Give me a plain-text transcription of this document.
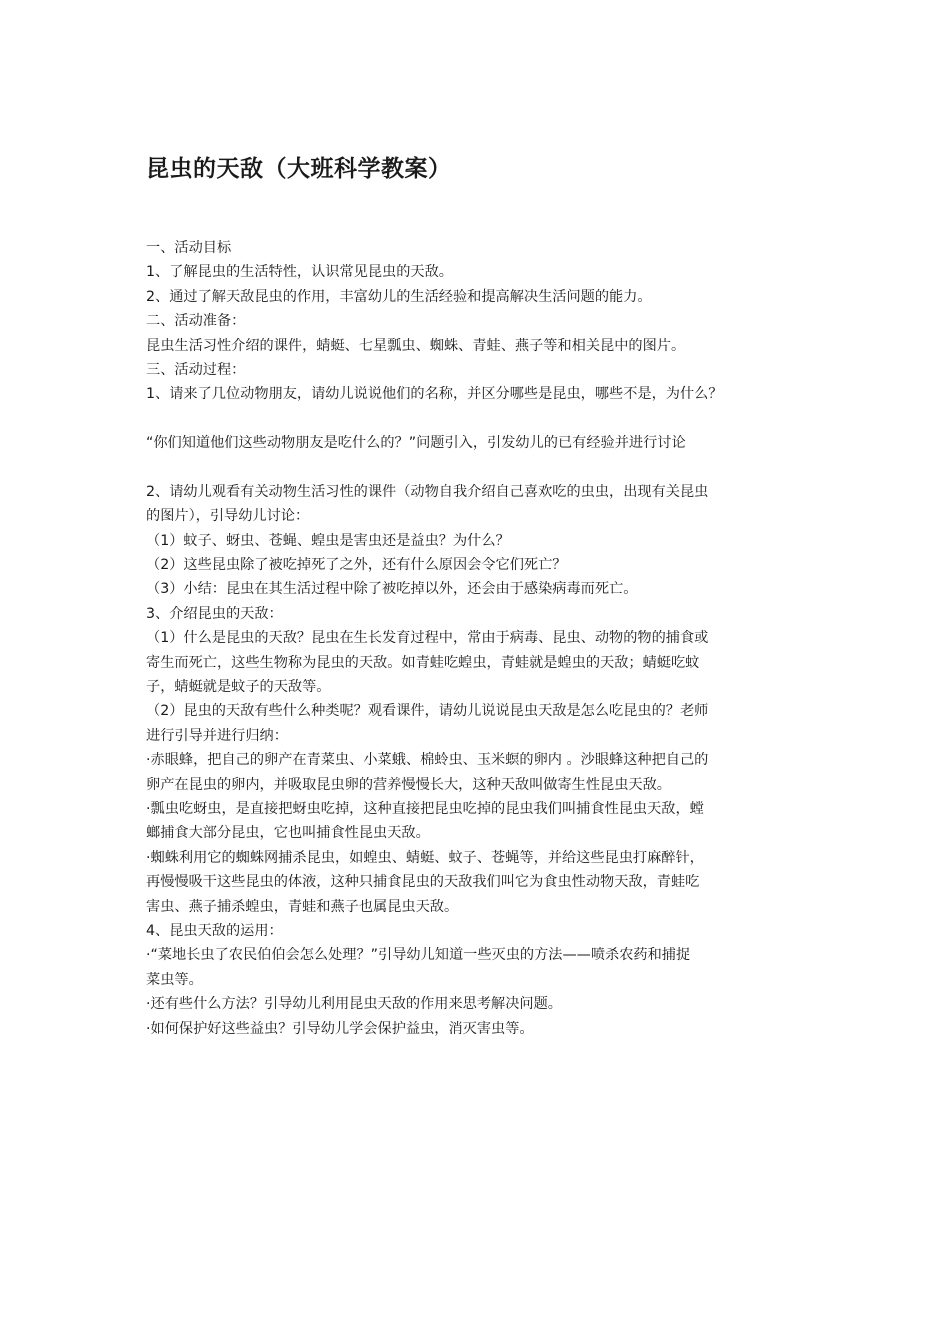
昆虫的天敌（大班科学教案）
一、活动目标
1、了解昆虫的生活特性，认识常见昆虫的天敌。
2、通过了解天敌昆虫的作用，丰富幼儿的生活经验和提高解决生活问题的能力。
二、活动准备：
昆虫生活习性介绍的课件，蜻蜓、七星瓢虫、蜘蛛、青蛙、燕子等和相关昆中的图片。
三、活动过程：
1、请来了几位动物朋友，请幼儿说说他们的名称，并区分哪些是昆虫，哪些不是，为什么？
“你们知道他们这些动物朋友是吃什么的？”问题引入，引发幼儿的已有经验并进行讨论
2、请幼儿观看有关动物生活习性的课件（动物自我介绍自己喜欢吃的虫虫，出现有关昆虫
的图片），引导幼儿讨论：
（1）蚊子、蚜虫、苍蝇、蝗虫是害虫还是益虫？为什么？
（2）这些昆虫除了被吃掉死了之外，还有什么原因会令它们死亡？
（3）小结：昆虫在其生活过程中除了被吃掉以外，还会由于感染病毒而死亡。
3、介绍昆虫的天敌：
（1）什么是昆虫的天敌？昆虫在生长发育过程中，常由于病毒、昆虫、动物的物的捕食或
寄生而死亡，这些生物称为昆虫的天敌。如青蛙吃蝗虫，青蛙就是蝗虫的天敌；蜻蜓吃蚊
子，蜻蜓就是蚊子的天敌等。
（2）昆虫的天敌有些什么种类呢？观看课件，请幼儿说说昆虫天敌是怎么吃昆虫的？老师
进行引导并进行归纳：
·赤眼蜂，把自己的卵产在青菜虫、小菜蛾、棉蛉虫、玉米螟的卵内 。沙眼蜂这种把自己的
卵产在昆虫的卵内，并吸取昆虫卵的营养慢慢长大，这种天敌叫做寄生性昆虫天敌。
·瓢虫吃蚜虫，是直接把蚜虫吃掉，这种直接把昆虫吃掉的昆虫我们叫捕食性昆虫天敌，螳
螂捕食大部分昆虫，它也叫捕食性昆虫天敌。
·蜘蛛利用它的蜘蛛网捕杀昆虫，如蝗虫、蜻蜓、蚊子、苍蝇等，并给这些昆虫打麻醉针，
再慢慢吸干这些昆虫的体液，这种只捕食昆虫的天敌我们叫它为食虫性动物天敌，青蛙吃
害虫、燕子捕杀蝗虫，青蛙和燕子也属昆虫天敌。
4、昆虫天敌的运用：
·“菜地长虫了农民伯伯会怎么处理？”引导幼儿知道一些灭虫的方法——喷杀农药和捕捉
菜虫等。
·还有些什么方法？引导幼儿利用昆虫天敌的作用来思考解决问题。
·如何保护好这些益虫？引导幼儿学会保护益虫，消灭害虫等。
